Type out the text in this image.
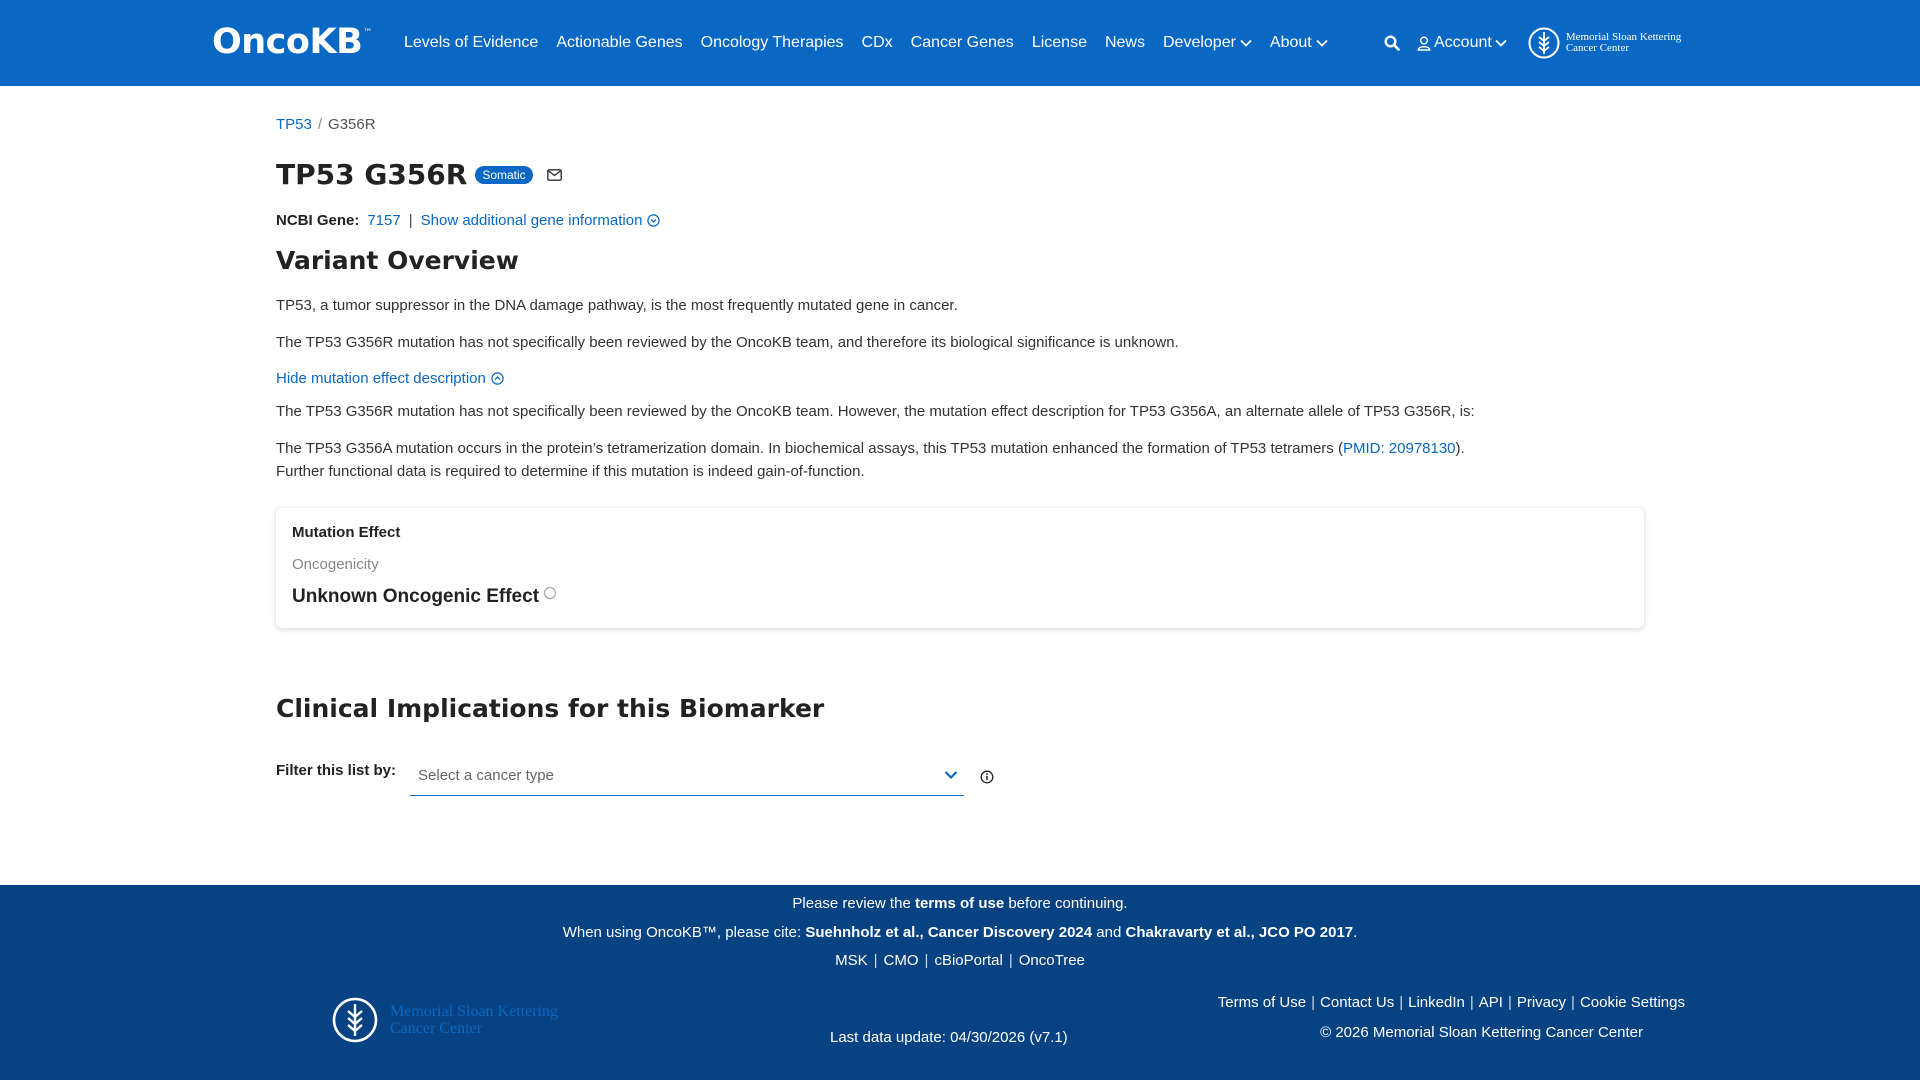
OncoKB ™
Levels of Evidence	Actionable Genes	Oncology Therapies	CDx	Cancer Genes	License	News	Developer About	Account	Memorial Sloan Kettering
Cancer Center
TP53 / G356R
TP53 G356R	Somatic
NCBI Gene: 7157 | Show additional gene information
Variant Overview

TP53, a tumor suppressor in the DNA damage pathway, is the most frequently mutated gene in cancer.

The TP53 G356R mutation has not specifically been reviewed by the OncoKB team, and therefore its biological significance is unknown.

Hide mutation effect description

The TP53 G356R mutation has not specifically been reviewed by the OncoKB team. However, the mutation effect description for TP53 G356A, an alternate allele of TP53 G356R, is:

The TP53 G356A mutation occurs in the protein’s tetramerization domain. In biochemical assays, this TP53 mutation enhanced the formation of TP53 tetramers (PMID: 20978130).
Further functional data is required to determine if this mutation is indeed gain-of-function.

Mutation Effect
Oncogenicity
Unknown Oncogenic Effect
Clinical Implications for this Biomarker
Filter this list by: Select a cancer type
Please review the terms of use before continuing.
When using OncoKB™, please cite: Suehnholz et al., Cancer Discovery 2024 and Chakravarty et al., JCO PO 2017.
MSK | CMO | cBioPortal | OncoTree
Memorial Sloan Kettering
Cancer Center
Last data update: 04/30/2026 (v7.1)
Terms of Use | Contact Us | LinkedIn | API | Privacy | Cookie Settings
© 2026 Memorial Sloan Kettering Cancer Center
